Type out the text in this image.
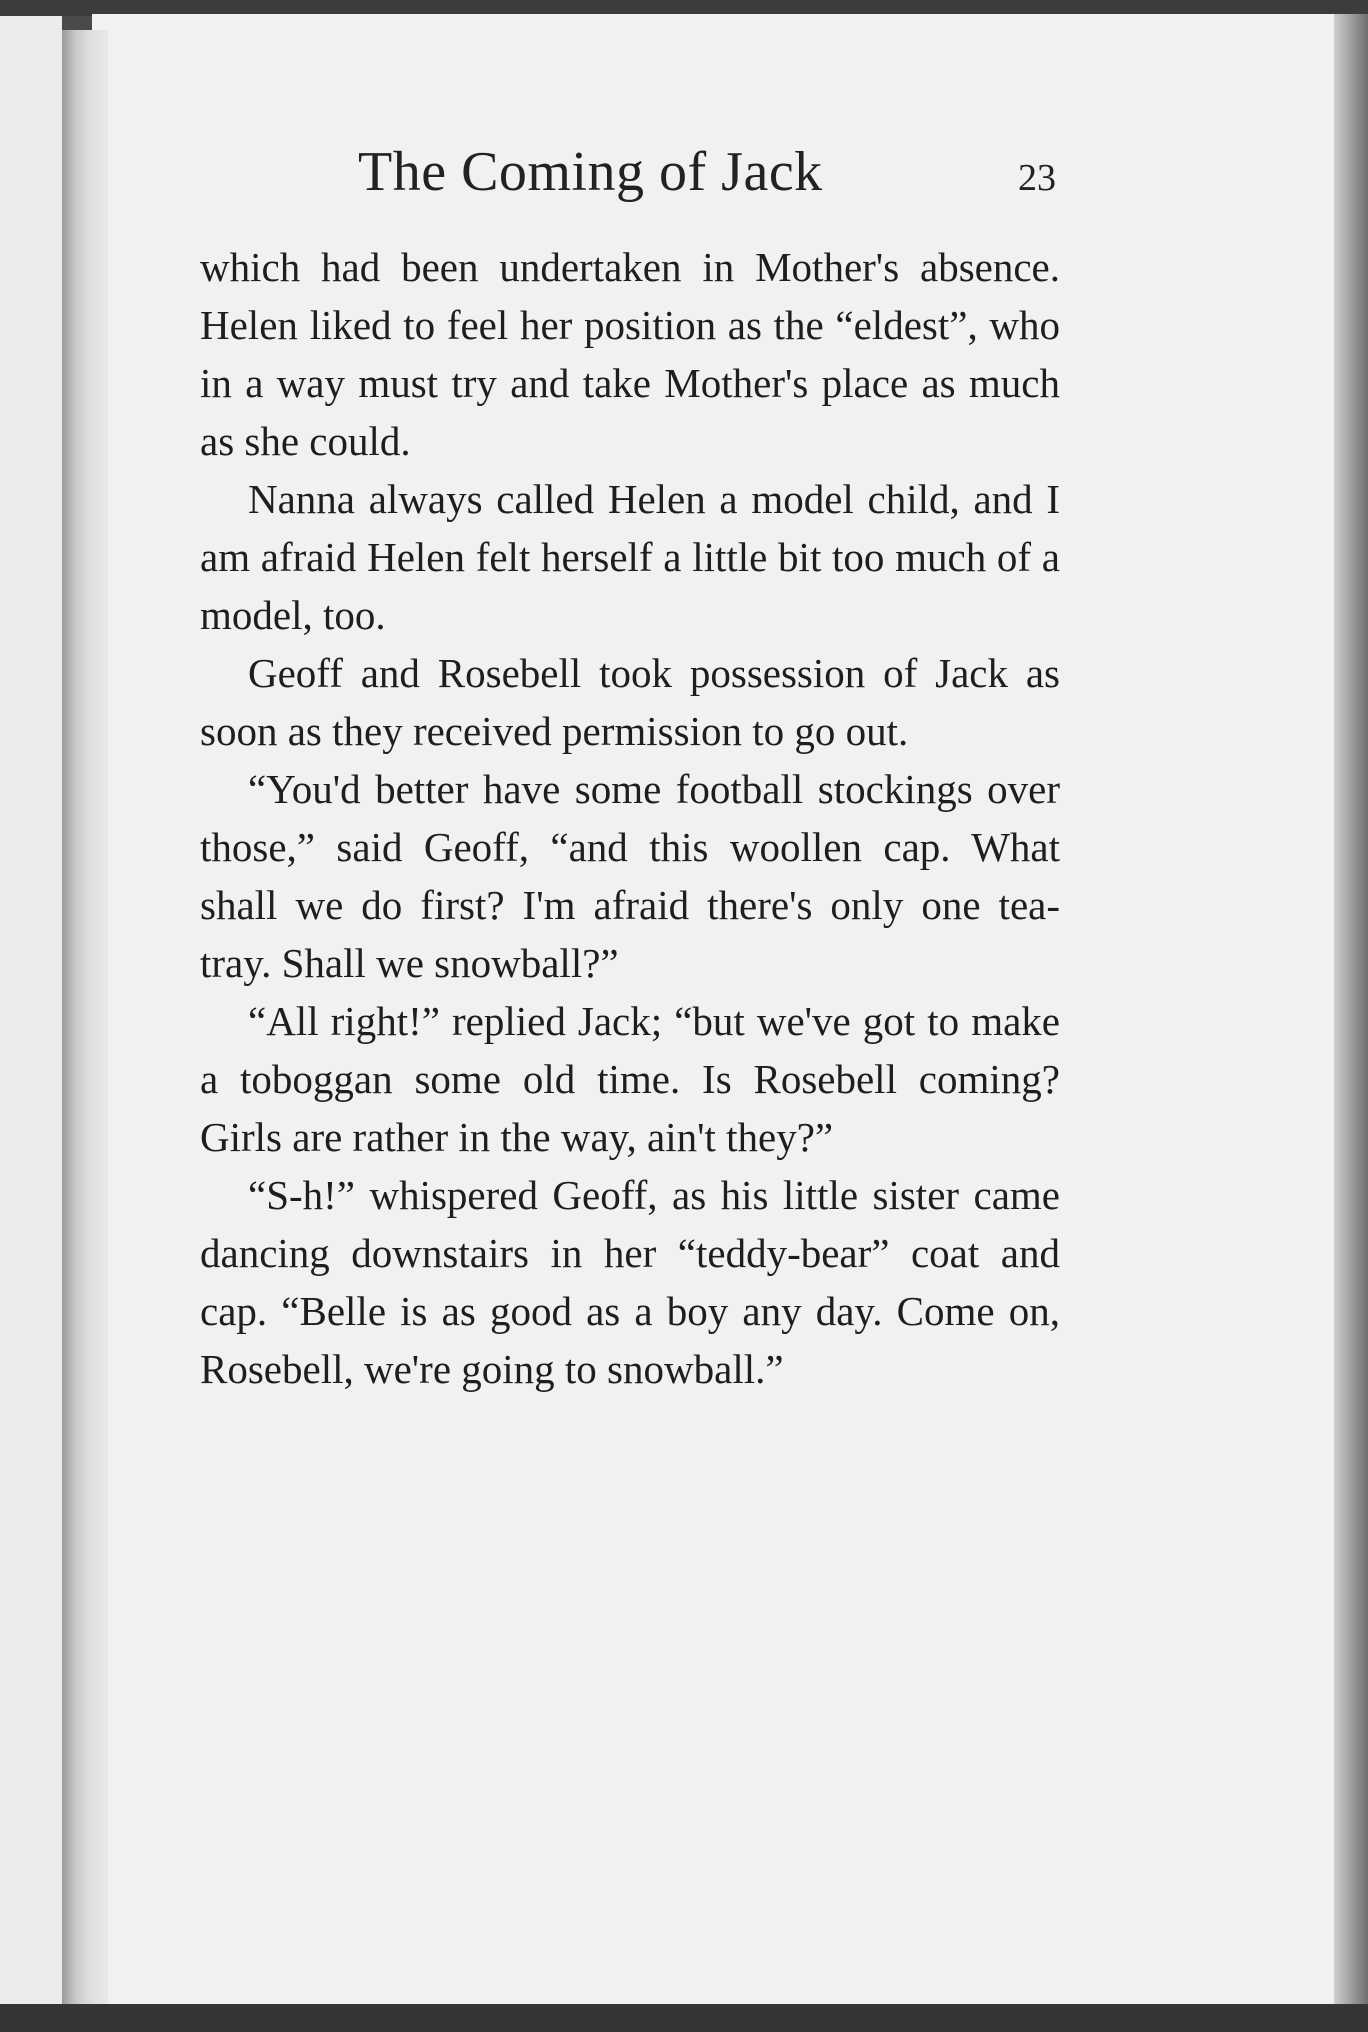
The Coming of Jack	23

which had been undertaken in Mother's absence. Helen liked to feel her position as the “eldest”, who in a way must try and take Mother's place as much as she could.

Nanna always called Helen a model child, and I am afraid Helen felt herself a little bit too much of a model, too.

Geoff and Rosebell took possession of Jack as soon as they received permission to go out.

“You'd better have some football stockings over those,” said Geoff, “and this woollen cap. What shall we do first? I'm afraid there's only one tea-tray. Shall we snowball?”

“All right!” replied Jack; “but we've got to make a toboggan some old time. Is Rosebell coming? Girls are rather in the way, ain't they?”

“S-h!” whispered Geoff, as his little sister came dancing downstairs in her “teddy-bear” coat and cap. “Belle is as good as a boy any day. Come on, Rosebell, we're going to snowball.”
